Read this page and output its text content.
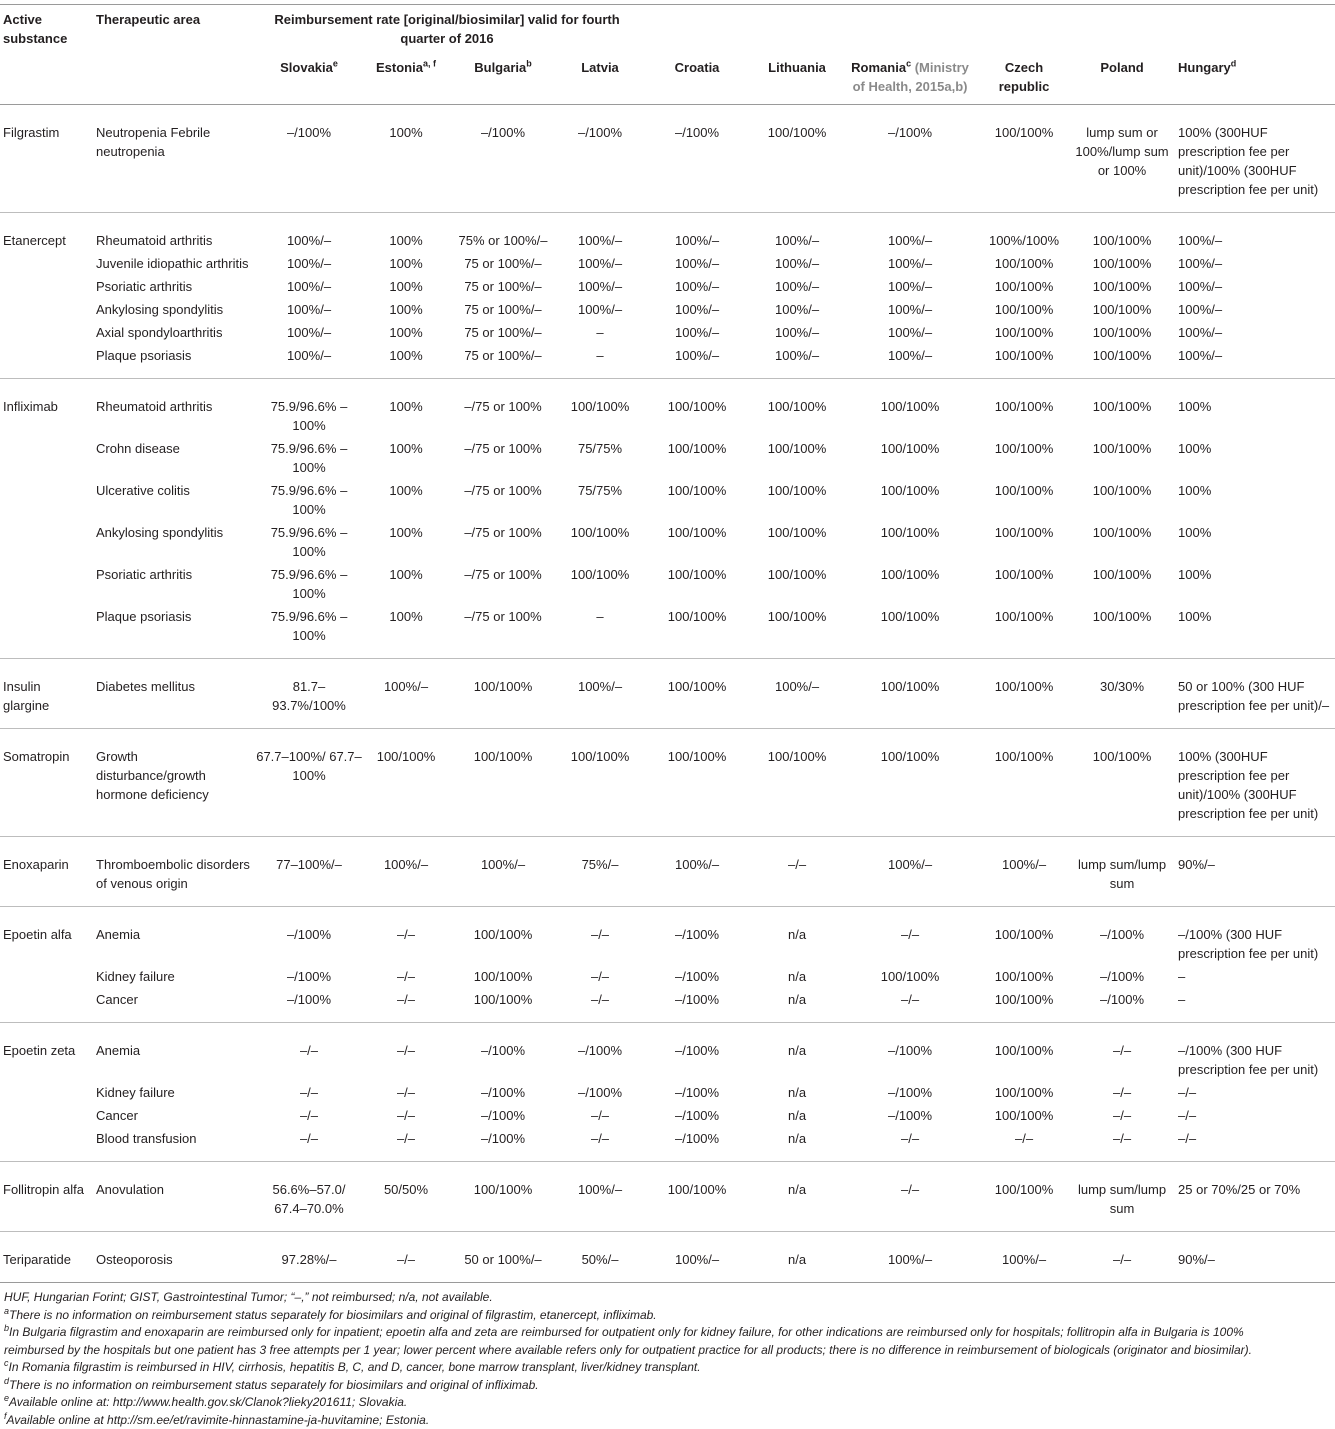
Active substance	Therapeutic area	Reimbursement rate [original/biosimilar] valid for fourth quarter of 2016									
		Slovakia$^e$	Estonia$^{a, f}$	Bulgaria$^b$	Latvia	Croatia	Lithuania	Romania$^c$ (Ministry of Health, 2015a,b)	Czech republic	Poland	Hungary$^d$
Filgrastim	Neutropenia Febrile neutropenia	–/100%	100%	–/100%	–/100%	–/100%	100/100%	–/100%	100/100%	lump sum or 100%/lump sum or 100%	100% (300HUF prescription fee per unit)/100% (300HUF prescription fee per unit)
Etanercept	Rheumatoid arthritis	100%/–	100%	75% or 100%/–	100%/–	100%/–	100%/–	100%/–	100%/100%	100/100%	100%/–
	Juvenile idiopathic arthritis	100%/–	100%	75 or 100%/–	100%/–	100%/–	100%/–	100%/–	100/100%	100/100%	100%/–
	Psoriatic arthritis	100%/–	100%	75 or 100%/–	100%/–	100%/–	100%/–	100%/–	100/100%	100/100%	100%/–
	Ankylosing spondylitis	100%/–	100%	75 or 100%/–	100%/–	100%/–	100%/–	100%/–	100/100%	100/100%	100%/–
	Axial spondyloarthritis	100%/–	100%	75 or 100%/–	–	100%/–	100%/–	100%/–	100/100%	100/100%	100%/–
	Plaque psoriasis	100%/–	100%	75 or 100%/–	–	100%/–	100%/–	100%/–	100/100%	100/100%	100%/–
Infliximab	Rheumatoid arthritis	75.9/96.6% –100%	100%	–/75 or 100%	100/100%	100/100%	100/100%	100/100%	100/100%	100/100%	100%
	Crohn disease	75.9/96.6% –100%	100%	–/75 or 100%	75/75%	100/100%	100/100%	100/100%	100/100%	100/100%	100%
	Ulcerative colitis	75.9/96.6% –100%	100%	–/75 or 100%	75/75%	100/100%	100/100%	100/100%	100/100%	100/100%	100%
	Ankylosing spondylitis	75.9/96.6% –100%	100%	–/75 or 100%	100/100%	100/100%	100/100%	100/100%	100/100%	100/100%	100%
	Psoriatic arthritis	75.9/96.6% –100%	100%	–/75 or 100%	100/100%	100/100%	100/100%	100/100%	100/100%	100/100%	100%
	Plaque psoriasis	75.9/96.6% –100%	100%	–/75 or 100%	–	100/100%	100/100%	100/100%	100/100%	100/100%	100%
Insulin glargine	Diabetes mellitus	81.7–93.7%/100%	100%/–	100/100%	100%/–	100/100%	100%/–	100/100%	100/100%	30/30%	50 or 100% (300 HUF prescription fee per unit)/–
Somatropin	Growth disturbance/growth hormone deficiency	67.7–100%/ 67.7–100%	100/100%	100/100%	100/100%	100/100%	100/100%	100/100%	100/100%	100/100%	100% (300HUF prescription fee per unit)/100% (300HUF prescription fee per unit)
Enoxaparin	Thromboembolic disorders of venous origin	77–100%/–	100%/–	100%/–	75%/–	100%/–	–/–	100%/–	100%/–	lump sum/lump sum	90%/–
Epoetin alfa	Anemia	–/100%	–/–	100/100%	–/–	–/100%	n/a	–/–	100/100%	–/100%	–/100% (300 HUF prescription fee per unit)
	Kidney failure	–/100%	–/–	100/100%	–/–	–/100%	n/a	100/100%	100/100%	–/100%	–
	Cancer	–/100%	–/–	100/100%	–/–	–/100%	n/a	–/–	100/100%	–/100%	–
Epoetin zeta	Anemia	–/–	–/–	–/100%	–/100%	–/100%	n/a	–/100%	100/100%	–/–	–/100% (300 HUF prescription fee per unit)
	Kidney failure	–/–	–/–	–/100%	–/100%	–/100%	n/a	–/100%	100/100%	–/–	–/–
	Cancer	–/–	–/–	–/100%	–/–	–/100%	n/a	–/100%	100/100%	–/–	–/–
	Blood transfusion	–/–	–/–	–/100%	–/–	–/100%	n/a	–/–	–/–	–/–	–/–
Follitropin alfa	Anovulation	56.6%–57.0/ 67.4–70.0%	50/50%	100/100%	100%/–	100/100%	n/a	–/–	100/100%	lump sum/lump sum	25 or 70%/25 or 70%
Teriparatide	Osteoporosis	97.28%/–	–/–	50 or 100%/–	50%/–	100%/–	n/a	100%/–	100%/–	–/–	90%/–
HUF, Hungarian Forint; GIST, Gastrointestinal Tumor; “–,” not reimbursed; n/a, not available.
$^a$There is no information on reimbursement status separately for biosimilars and original of filgrastim, etanercept, infliximab.
$^b$In Bulgaria filgrastim and enoxaparin are reimbursed only for inpatient; epoetin alfa and zeta are reimbursed for outpatient only for kidney failure, for other indications are reimbursed only for hospitals; follitropin alfa in Bulgaria is 100% reimbursed by the hospitals but one patient has 3 free attempts per 1 year; lower percent where available refers only for outpatient practice for all products; there is no difference in reimbursement of biologicals (originator and biosimilar).
$^c$In Romania filgrastim is reimbursed in HIV, cirrhosis, hepatitis B, C, and D, cancer, bone marrow transplant, liver/kidney transplant.
$^d$There is no information on reimbursement status separately for biosimilars and original of infliximab.
$^e$Available online at: http://www.health.gov.sk/Clanok?lieky201611; Slovakia.
$^f$Available online at http://sm.ee/et/ravimite-hinnastamine-ja-huvitamine; Estonia.
